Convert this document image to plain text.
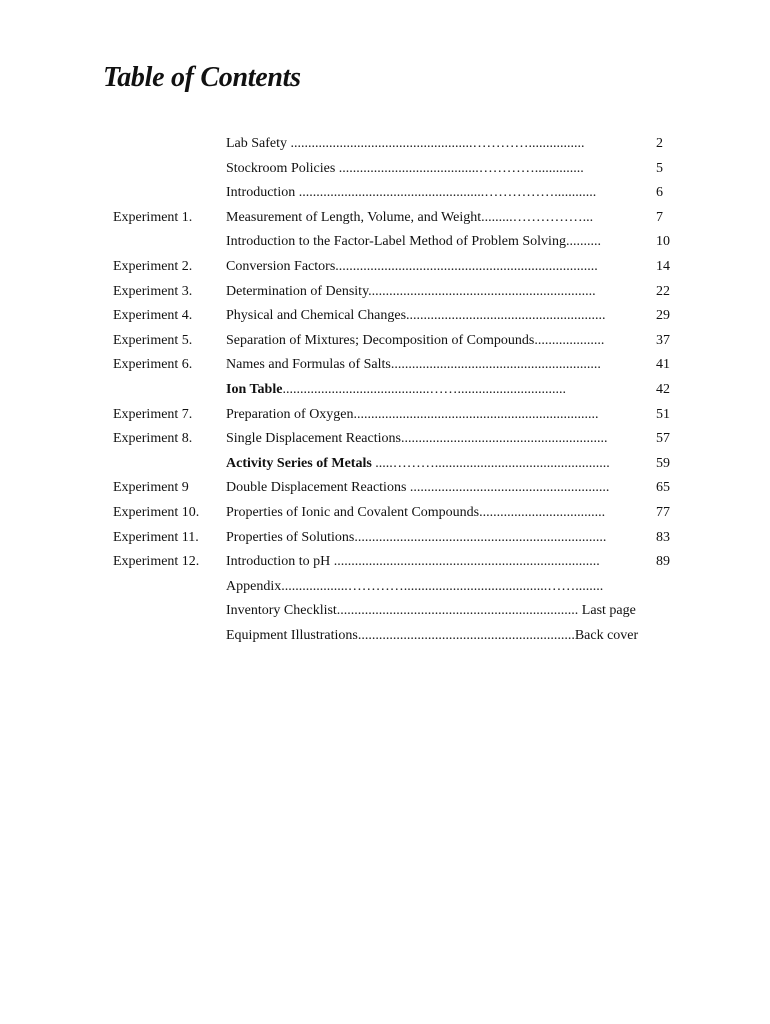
Table of Contents
Lab Safety ....................................................…………................	2
Stockroom Policies ........................................…………..............	5
Introduction .....................................................……………............	6
Experiment 1.	Measurement of Length, Volume, and Weight.........……………...	7
Introduction to the Factor-Label Method of Problem Solving..........	10
Experiment 2.	Conversion Factors...........................................................................	14
Experiment 3.	Determination of Density.................................................................	22
Experiment 4.	Physical and Chemical Changes.........................................................	29
Experiment 5.	Separation of Mixtures; Decomposition of Compounds....................	37
Experiment 6.	Names and Formulas of Salts............................................................	41
Ion Table..........................................……...............................	42
Experiment 7.	Preparation of Oxygen......................................................................	51
Experiment 8.	Single Displacement Reactions...........................................................	57
Activity Series of Metals .....………..................................................	59
Experiment 9	Double Displacement Reactions .........................................................	65
Experiment 10.	Properties of Ionic and Covalent Compounds....................................	77
Experiment 11.	Properties of Solutions........................................................................	83
Experiment 12.	Introduction to pH ............................................................................	89
Appendix...................………….........................................……........
Inventory Checklist..................................................................... Last page
Equipment Illustrations..............................................................Back cover
